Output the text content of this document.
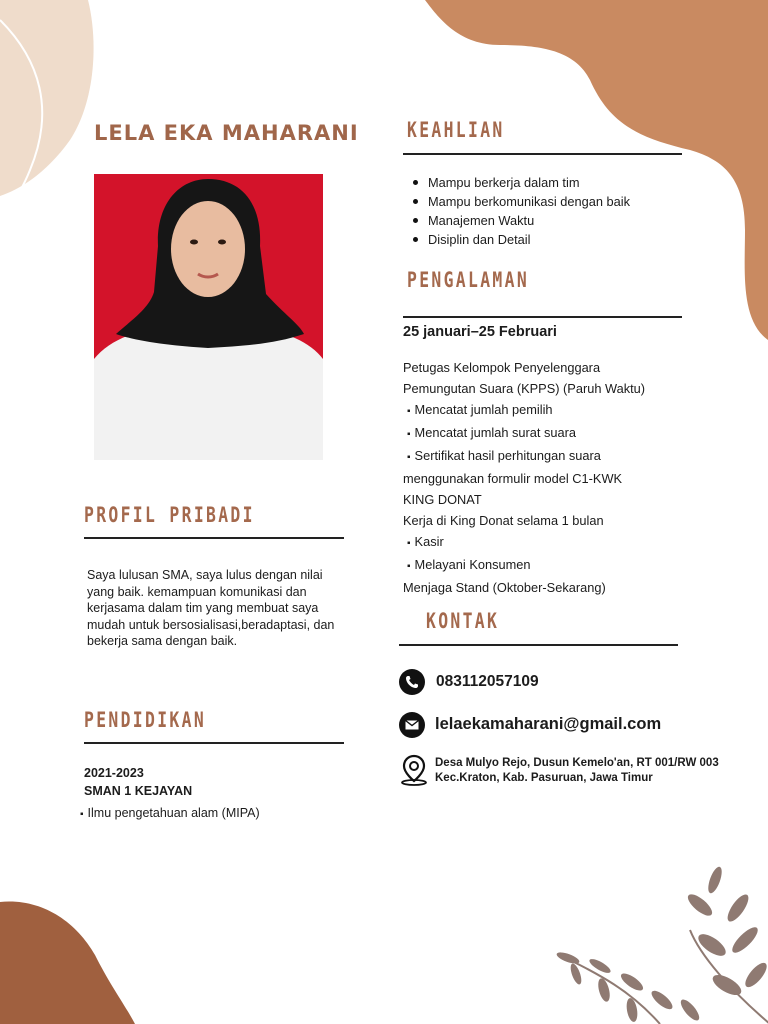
LELA EKA MAHARANI KEAHLIAN
Mampu berkerja dalam tim
Mampu berkomunikasi dengan baik
Manajemen Waktu
Disiplin dan Detail
PENGALAMAN
25 januari–25 Februari
Petugas Kelompok Penyelenggara
Pemungutan Suara (KPPS) (Paruh Waktu)
▪ Mencatat jumlah pemilih
▪ Mencatat jumlah surat suara
▪ Sertifikat hasil perhitungan suara
menggunakan formulir model C1-KWK
KING DONAT
Kerja di King Donat selama 1 bulan
▪ Kasir
▪ Melayani Konsumen
Menjaga Stand (Oktober-Sekarang)
PROFIL PRIBADI
Saya lulusan SMA, saya lulus dengan nilai yang baik. kemampuan komunikasi dan kerjasama dalam tim yang membuat saya mudah untuk bersosialisasi,beradaptasi, dan bekerja sama dengan baik.
PENDIDIKAN
2021-2023
SMAN 1 KEJAYAN
▪ Ilmu pengetahuan alam (MIPA)
KONTAK
083112057109
lelaekamaharani@gmail.com
Desa Mulyo Rejo, Dusun Kemelo'an, RT 001/RW 003
Kec.Kraton, Kab. Pasuruan, Jawa Timur
